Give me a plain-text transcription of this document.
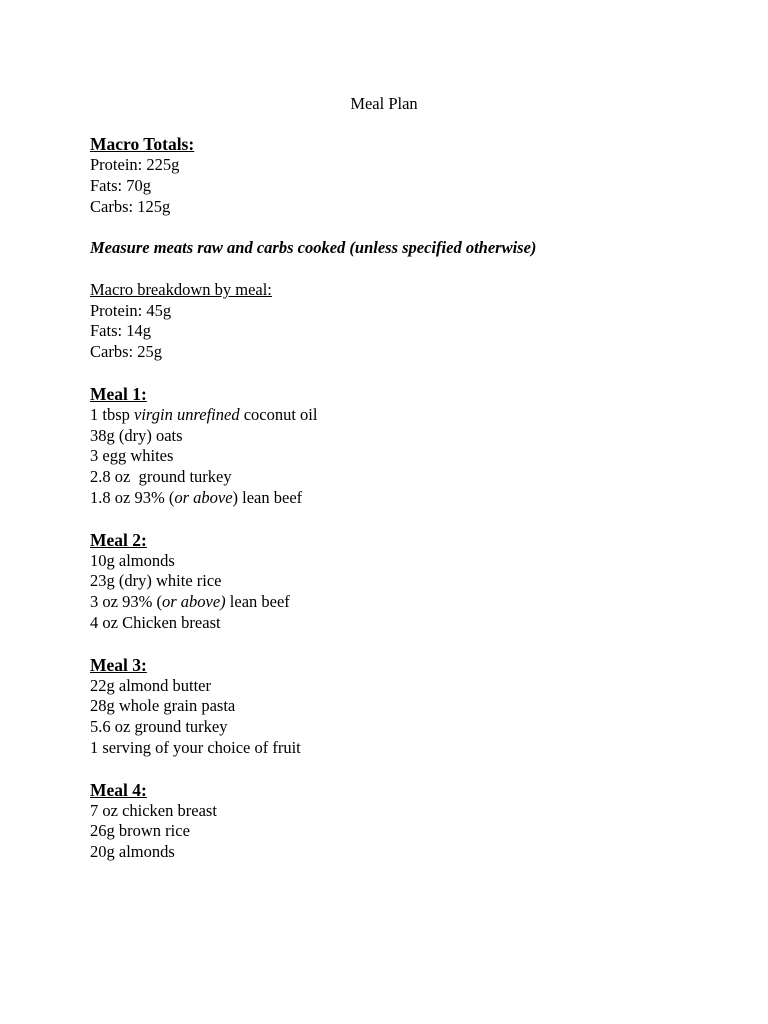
Meal Plan
Macro Totals:
Protein: 225g
Fats: 70g
Carbs: 125g
Measure meats raw and carbs cooked (unless specified otherwise)
Macro breakdown by meal:
Protein: 45g
Fats: 14g
Carbs: 25g
Meal 1:
1 tbsp virgin unrefined coconut oil
38g (dry) oats
3 egg whites
2.8 oz  ground turkey
1.8 oz 93% (or above) lean beef
Meal 2:
10g almonds
23g (dry) white rice
3 oz 93% (or above) lean beef
4 oz Chicken breast
Meal 3:
22g almond butter
28g whole grain pasta
5.6 oz ground turkey
1 serving of your choice of fruit
Meal 4:
7 oz chicken breast
26g brown rice
20g almonds
